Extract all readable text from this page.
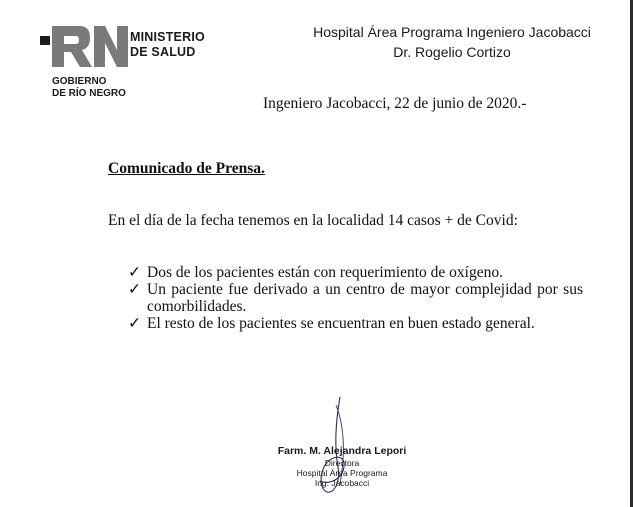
MINISTERIO
DE SALUD
GOBIERNO
DE RÍO NEGRO
Hospital Área Programa Ingeniero Jacobacci
Dr. Rogelio Cortizo
Ingeniero Jacobacci, 22 de junio de 2020.-
Comunicado de Prensa.
En el día de la fecha tenemos en la localidad 14 casos + de Covid:
✓ Dos de los pacientes están con requerimiento de oxígeno.
✓ Un paciente fue derivado a un centro de mayor complejidad por sus comorbilidades.
✓ El resto de los pacientes se encuentran en buen estado general.
Farm. M. Alejandra Lepori
Directora
Hospital Área Programa
Ing. Jacobacci
